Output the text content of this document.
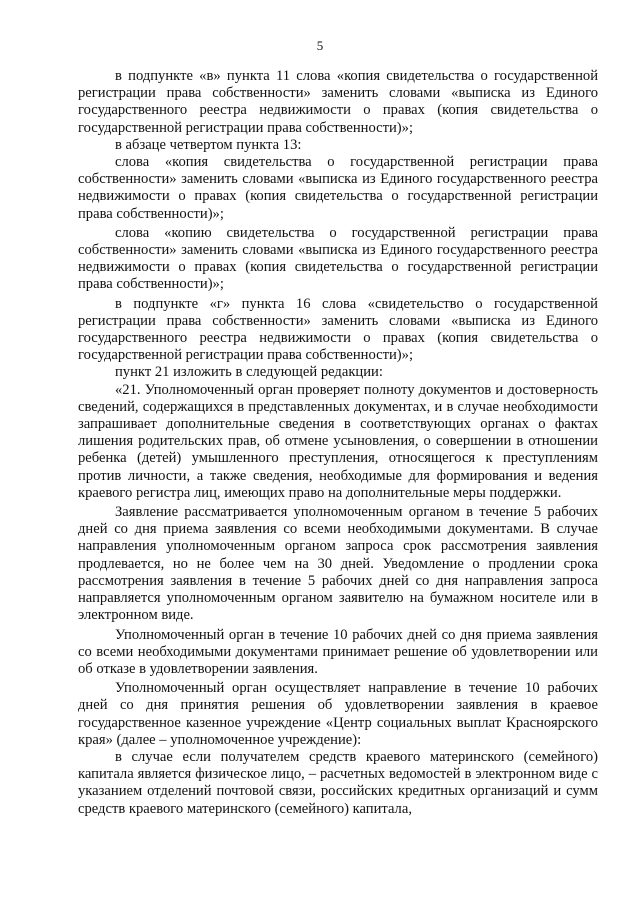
5

в подпункте «в» пункта 11 слова «копия свидетельства о государственной регистрации права собственности» заменить словами «выписка из Единого государственного реестра недвижимости о правах (копия свидетельства о государственной регистрации права собственности)»;

в абзаце четвертом пункта 13:

слова «копия свидетельства о государственной регистрации права собственности» заменить словами «выписка из Единого государственного реестра недвижимости о правах (копия свидетельства о государственной регистрации права собственности)»;

слова «копию свидетельства о государственной регистрации права собственности» заменить словами «выписка из Единого государственного реестра недвижимости о правах (копия свидетельства о государственной регистрации права собственности)»;

в подпункте «г» пункта 16 слова «свидетельство о государственной регистрации права собственности» заменить словами «выписка из Единого государственного реестра недвижимости о правах (копия свидетельства о государственной регистрации права собственности)»;

пункт 21 изложить в следующей редакции:

«21. Уполномоченный орган проверяет полноту документов и достоверность сведений, содержащихся в представленных документах, и в случае необходимости запрашивает дополнительные сведения в соответствующих органах о фактах лишения родительских прав, об отмене усыновления, о совершении в отношении ребенка (детей) умышленного преступления, относящегося к преступлениям против личности, а также сведения, необходимые для формирования и ведения краевого регистра лиц, имеющих право на дополнительные меры поддержки.

Заявление рассматривается уполномоченным органом в течение 5 рабочих дней со дня приема заявления со всеми необходимыми документами. В случае направления уполномоченным органом запроса срок рассмотрения заявления продлевается, но не более чем на 30 дней. Уведомление о продлении срока рассмотрения заявления в течение 5 рабочих дней со дня направления запроса направляется уполномоченным органом заявителю на бумажном носителе или в электронном виде.

Уполномоченный орган в течение 10 рабочих дней со дня приема заявления со всеми необходимыми документами принимает решение об удовлетворении или об отказе в удовлетворении заявления.

Уполномоченный орган осуществляет направление в течение 10 рабочих дней со дня принятия решения об удовлетворении заявления в краевое государственное казенное учреждение «Центр социальных выплат Красноярского края» (далее – уполномоченное учреждение):

в случае если получателем средств краевого материнского (семейного) капитала является физическое лицо, – расчетных ведомостей в электронном виде с указанием отделений почтовой связи, российских кредитных организаций и сумм средств краевого материнского (семейного) капитала,
